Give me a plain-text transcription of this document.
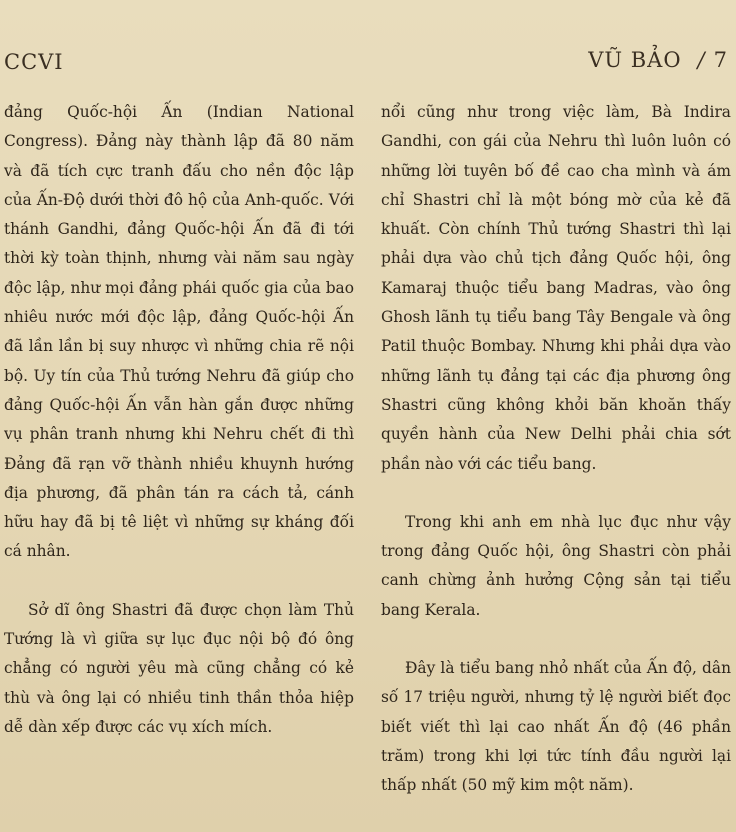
CCVI	VŨ BẢO / 7

đảng Quốc-hội Ấn (Indian National Congress). Đảng này thành lập đã 80 năm và đã tích cực tranh đấu cho nền độc lập của Ấn-Độ dưới thời đô hộ của Anh-quốc. Với thánh Gandhi, đảng Quốc-hội Ấn đã đi tới thời kỳ toàn thịnh, nhưng vài năm sau ngày độc lập, như mọi đảng phái quốc gia của bao nhiêu nước mới độc lập, đảng Quốc-hội Ấn đã lần lần bị suy nhược vì những chia rẽ nội bộ. Uy tín của Thủ tướng Nehru đã giúp cho đảng Quốc-hội Ấn vẫn hàn gắn được những vụ phân tranh nhưng khi Nehru chết đi thì Đảng đã rạn vỡ thành nhiều khuynh hướng địa phương, đã phân tán ra cách tả, cánh hữu hay đã bị tê liệt vì những sự kháng đối cá nhân.

Sở dĩ ông Shastri đã được chọn làm Thủ Tướng là vì giữa sự lục đục nội bộ đó ông chẳng có người yêu mà cũng chẳng có kẻ thù và ông lại có nhiều tinh thần thỏa hiệp dễ dàn xếp được các vụ xích mích.

nổi cũng như trong việc làm, Bà Indira Gandhi, con gái của Nehru thì luôn luôn có những lời tuyên bố đề cao cha mình và ám chỉ Shastri chỉ là một bóng mờ của kẻ đã khuất. Còn chính Thủ tướng Shastri thì lại phải dựa vào chủ tịch đảng Quốc hội, ông Kamaraj thuộc tiểu bang Madras, vào ông Ghosh lãnh tụ tiểu bang Tây Bengale và ông Patil thuộc Bombay. Nhưng khi phải dựa vào những lãnh tụ đảng tại các địa phương ông Shastri cũng không khỏi băn khoăn thấy quyền hành của New Delhi phải chia sớt phần nào với các tiểu bang.

Trong khi anh em nhà lục đục như vậy trong đảng Quốc hội, ông Shastri còn phải canh chừng ảnh hưởng Cộng sản tại tiểu bang Kerala.

Đây là tiểu bang nhỏ nhất của Ấn độ, dân số 17 triệu người, nhưng tỷ lệ người biết đọc biết viết thì lại cao nhất Ấn độ (46 phần trăm) trong khi lợi tức tính đầu người lại thấp nhất (50 mỹ kim một năm).
